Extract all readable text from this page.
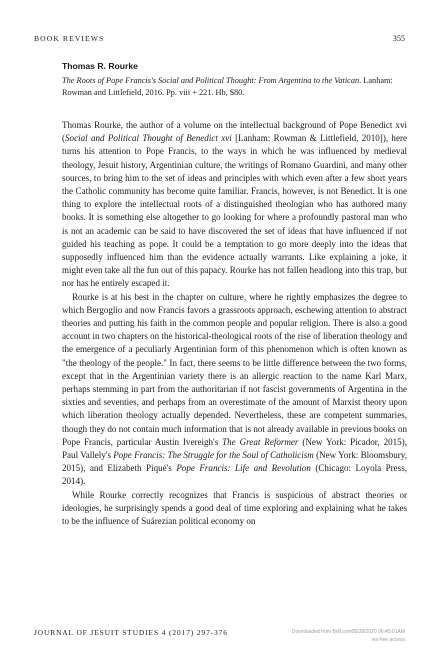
BOOK REVIEWS	355
Thomas R. Rourke
The Roots of Pope Francis's Social and Political Thought: From Argentina to the Vatican. Lanham: Rowman and Littlefield, 2016. Pp. viii + 221. Hb, $80.

Thomas Rourke, the author of a volume on the intellectual background of Pope Benedict xvi (Social and Political Thought of Benedict xvi [Lanham: Rowman & Littlefield, 2010]), here turns his attention to Pope Francis, to the ways in which he was influenced by medieval theology, Jesuit history, Argentinian culture, the writings of Romano Guardini, and many other sources, to bring him to the set of ideas and principles with which even after a few short years the Catholic community has become quite familiar. Francis, however, is not Benedict. It is one thing to explore the intellectual roots of a distinguished theologian who has authored many books. It is something else altogether to go looking for where a profoundly pastoral man who is not an academic can be said to have discovered the set of ideas that have influenced if not guided his teaching as pope. It could be a temptation to go more deeply into the ideas that supposedly influenced him than the evidence actually warrants. Like explaining a joke, it might even take all the fun out of this papacy. Rourke has not fallen headlong into this trap, but nor has he entirely escaped it.

Rourke is at his best in the chapter on culture, where he rightly emphasizes the degree to which Bergoglio and now Francis favors a grassroots approach, eschewing attention to abstract theories and putting his faith in the common people and popular religion. There is also a good account in two chapters on the historical-theological roots of the rise of liberation theology and the emergence of a peculiarly Argentinian form of this phenomenon which is often known as "the theology of the people." In fact, there seems to be little difference between the two forms, except that in the Argentinian variety there is an allergic reaction to the name Karl Marx, perhaps stemming in part from the authoritarian if not fascist governments of Argentina in the sixties and seventies, and perhaps from an overestimate of the amount of Marxist theory upon which liberation theology actually depended. Nevertheless, these are competent summaries, though they do not contain much information that is not already available in previous books on Pope Francis, particular Austin Ivereigh's The Great Reformer (New York: Picador, 2015), Paul Vallely's Pope Francis: The Struggle for the Soul of Catholicism (New York: Bloomsbury, 2015), and Elizabeth Piqué's Pope Francis: Life and Revolution (Chicago: Loyola Press, 2014).

While Rourke correctly recognizes that Francis is suspicious of abstract theories or ideologies, he surprisingly spends a good deal of time exploring and explaining what he takes to be the influence of Suárezian political economy on

JOURNAL OF JESUIT STUDIES 4 (2017) 297-376	Downloaded from Brill.com05/28/2020 06:45:01AM
via free access
